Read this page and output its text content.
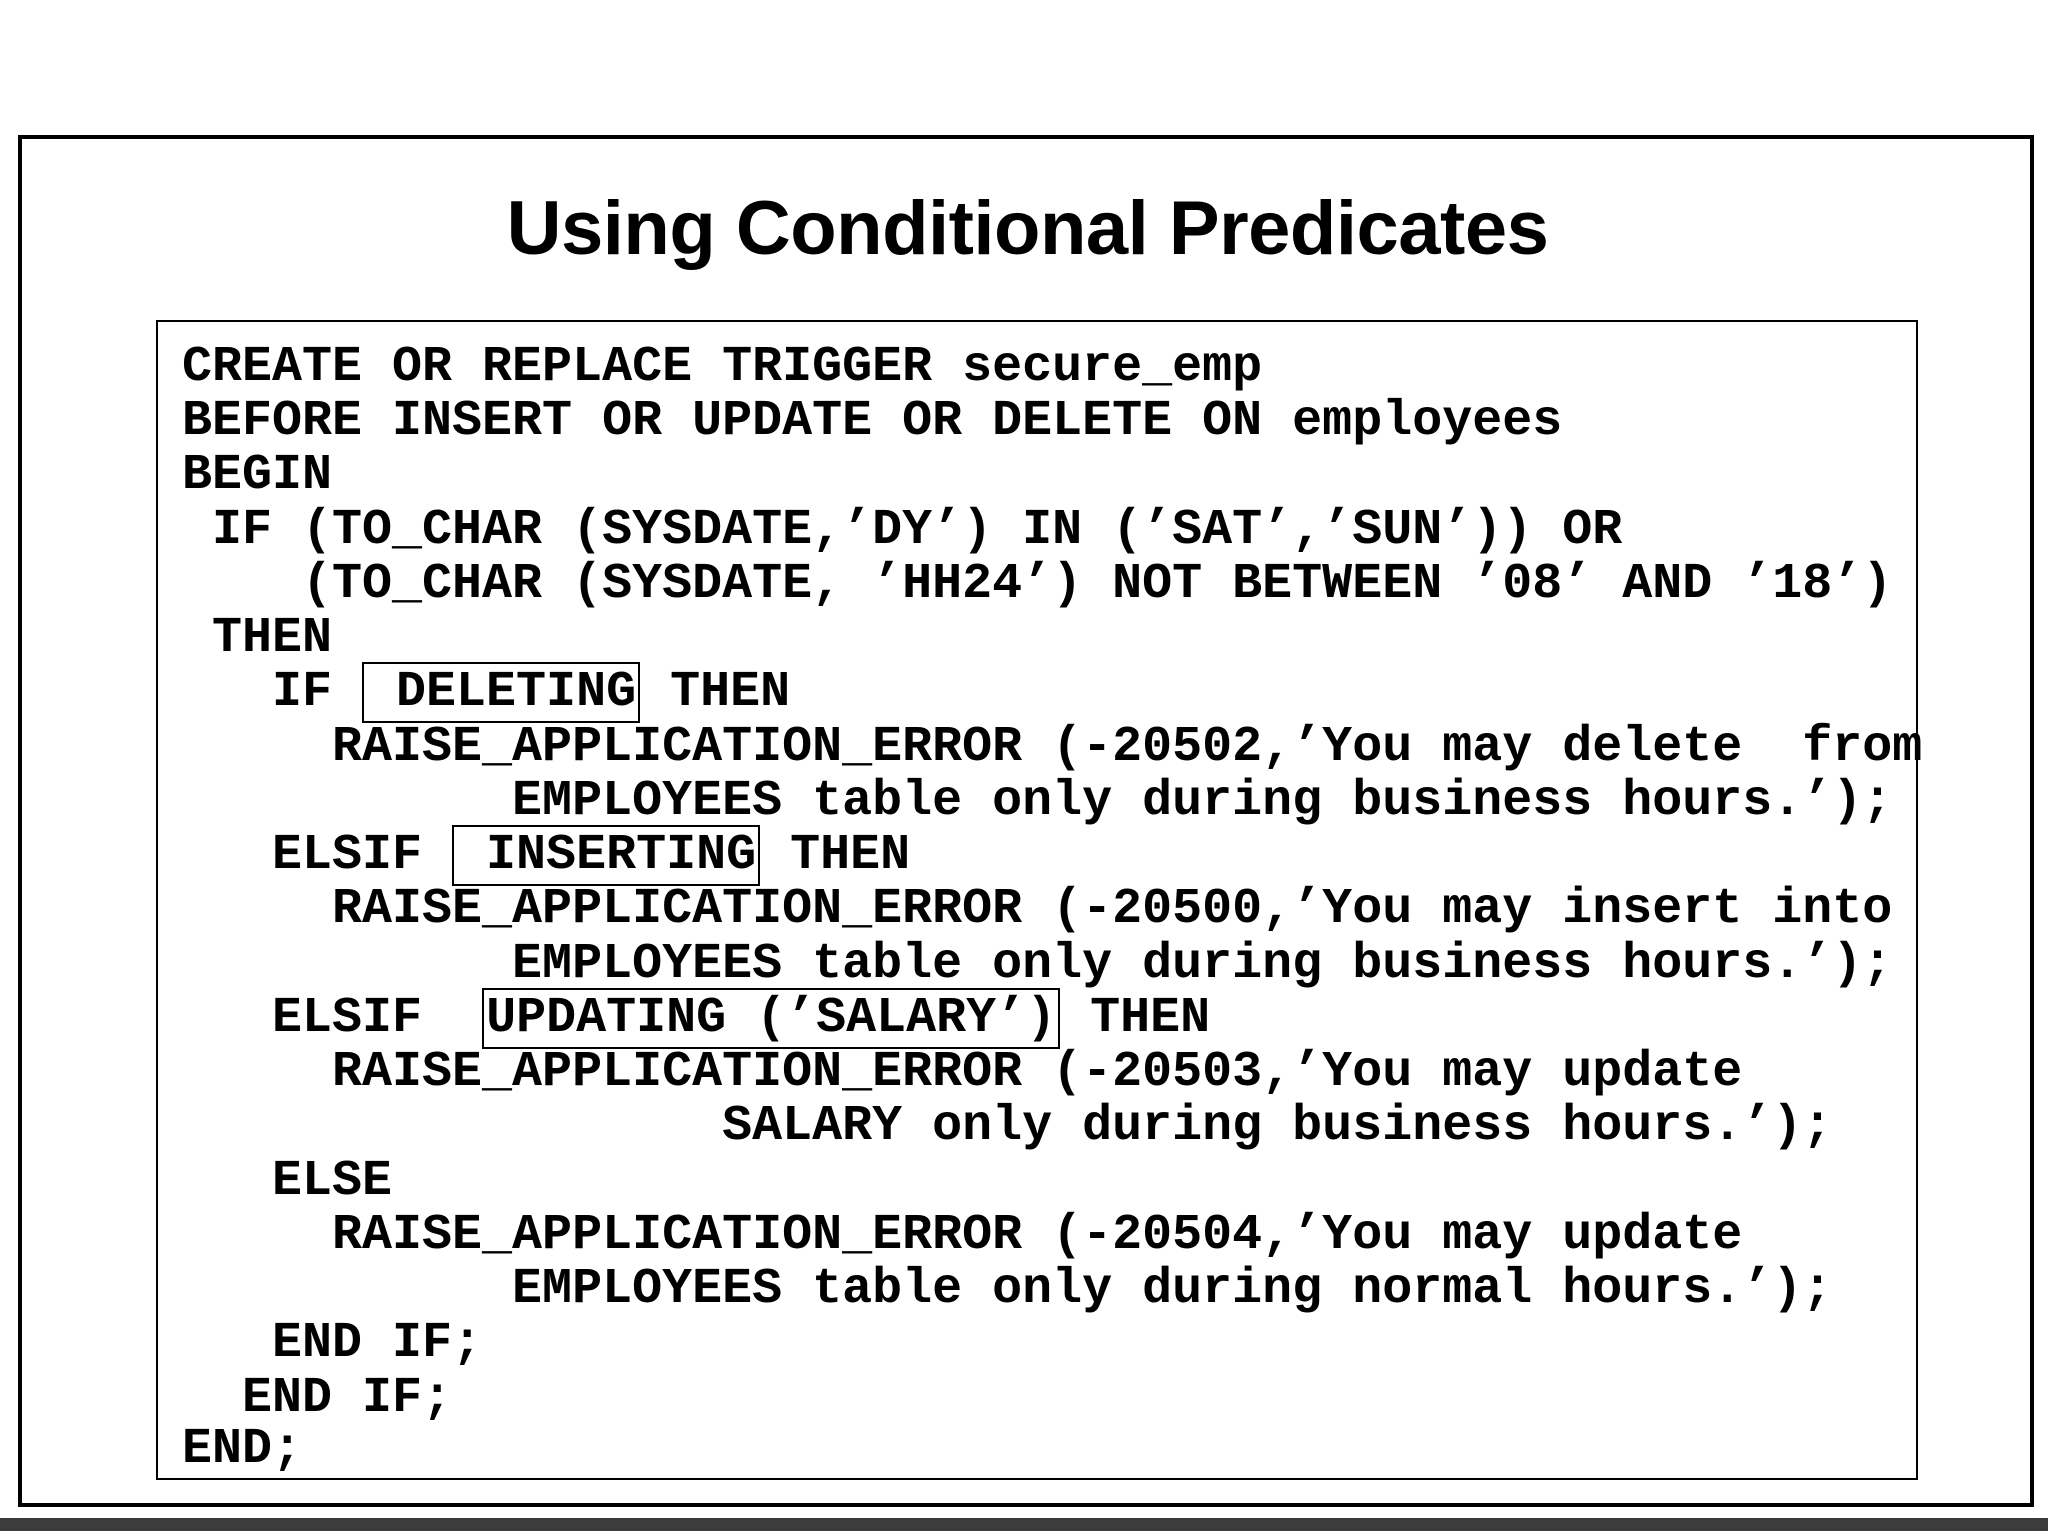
Using Conditional Predicates
CREATE OR REPLACE TRIGGER secure_emp
BEFORE INSERT OR UPDATE OR DELETE ON employees
BEGIN
IF (TO_CHAR (SYSDATE,’DY’) IN (’SAT’,’SUN’)) OR
(TO_CHAR (SYSDATE, ’HH24’) NOT BETWEEN ’08’ AND ’18’)
THEN
IF  DELETING THEN
RAISE_APPLICATION_ERROR (-20502,’You may delete  from
EMPLOYEES table only during business hours.’);
ELSIF  INSERTING THEN
RAISE_APPLICATION_ERROR (-20500,’You may insert into
EMPLOYEES table only during business hours.’);
ELSIF  UPDATING (’SALARY’) THEN
RAISE_APPLICATION_ERROR (-20503,’You may update
SALARY only during business hours.’);
ELSE
RAISE_APPLICATION_ERROR (-20504,’You may update
EMPLOYEES table only during normal hours.’);
END IF;
END IF;
END;
